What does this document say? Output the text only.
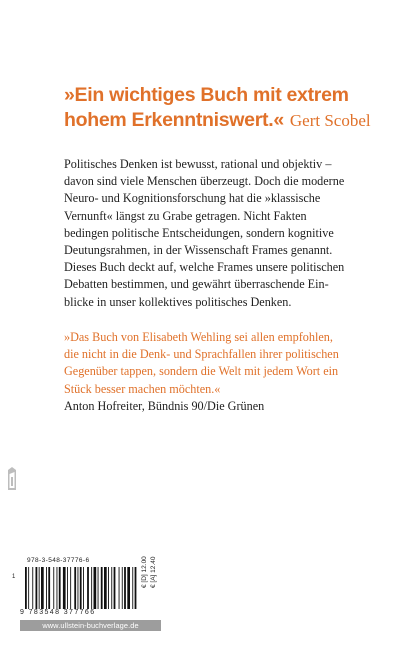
»Ein wichtiges Buch mit extrem
hohem Erkenntniswert.« Gert Scobel

Politisches Denken ist bewusst, rational und objektiv –

davon sind viele Menschen überzeugt. Doch die moderne

Neuro- und Kognitionsforschung hat die »klassische

Vernunft« längst zu Grabe getragen. Nicht Fakten

bedingen politische Entscheidungen, sondern kognitive

Deutungsrahmen, in der Wissenschaft Frames genannt.

Dieses Buch deckt auf, welche Frames unsere politischen

Debatten bestimmen, und gewährt überraschende Ein-

blicke in unser kollektives politisches Denken.

»Das Buch von Elisabeth Wehling sei allen empfohlen,

die nicht in die Denk- und Sprachfallen ihrer politischen

Gegenüber tappen, sondern die Welt mit jedem Wort ein

Stück besser machen möchten.«

Anton Hofreiter, Bündnis 90/Die Grünen

978-3-548-37776-6
9 783548 377766
1	€ [D] 12.00 € [A] 12.40
www.ullstein-buchverlage.de
